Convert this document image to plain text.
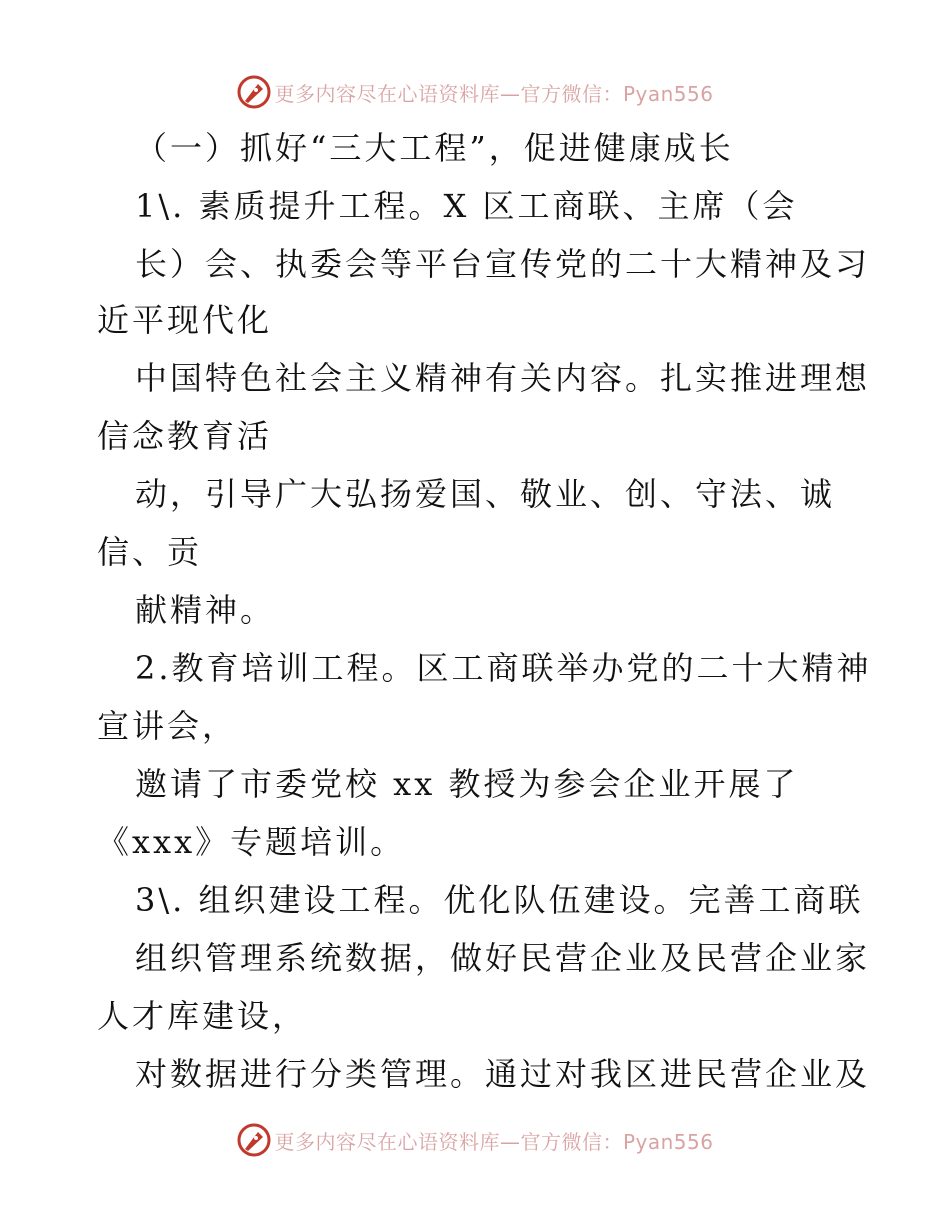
更多内容尽在心语资料库—官方微信：Pyan556
（一）抓好“三大工程”，促进健康成长
1\. 素质提升工程。X 区工商联、主席（会
长）会、执委会等平台宣传党的二十大精神及习
近平现代化
中国特色社会主义精神有关内容。扎实推进理想
信念教育活
动，引导广大弘扬爱国、敬业、创、守法、诚
信、贡
献精神。
2.教育培训工程。区工商联举办党的二十大精神
宣讲会，
邀请了市委党校 xx 教授为参会企业开展了
《xxx》专题培训。
3\. 组织建设工程。优化队伍建设。完善工商联
组织管理系统数据，做好民营企业及民营企业家
人才库建设，
对数据进行分类管理。通过对我区进民营企业及
更多内容尽在心语资料库—官方微信：Pyan556
